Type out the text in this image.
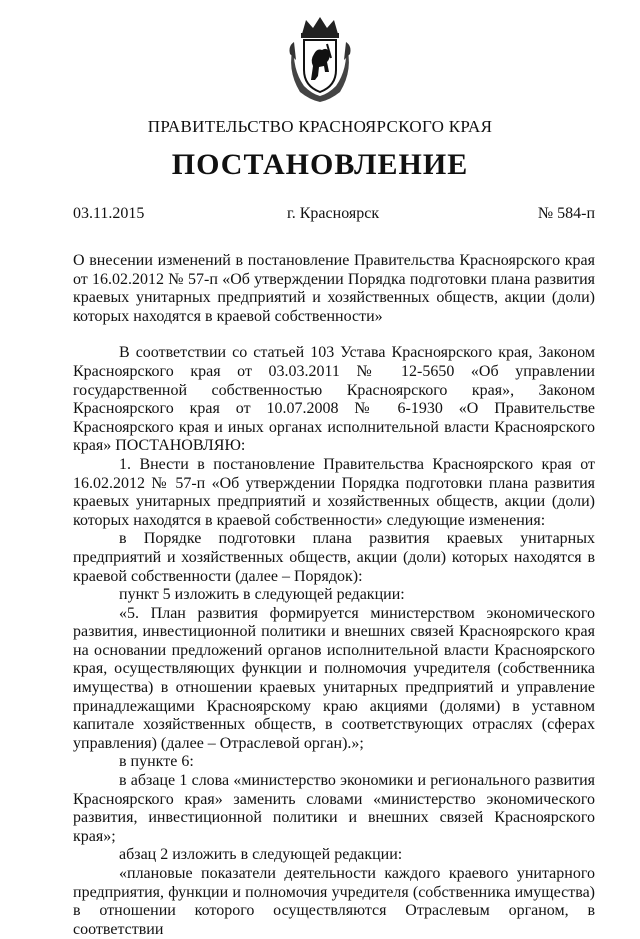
ПРАВИТЕЛЬСТВО КРАСНОЯРСКОГО КРАЯ
ПОСТАНОВЛЕНИЕ
03.11.2015	г. Красноярск	№ 584-п

О внесении изменений в постановление Правительства Красноярского края от 16.02.2012 № 57-п «Об утверждении Порядка подготовки плана развития краевых унитарных предприятий и хозяйственных обществ, акции (доли) которых находятся в краевой собственности»

В соответствии со статьей 103 Устава Красноярского края, Законом Красноярского края от 03.03.2011 № 12-5650 «Об управлении государственной собственностью Красноярского края», Законом Красноярского края от 10.07.2008 № 6-1930 «О Правительстве Красноярского края и иных органах исполнительной власти Красноярского края» ПОСТАНОВЛЯЮ:

1. Внести в постановление Правительства Красноярского края от 16.02.2012 № 57-п «Об утверждении Порядка подготовки плана развития краевых унитарных предприятий и хозяйственных обществ, акции (доли) которых находятся в краевой собственности» следующие изменения:

в Порядке подготовки плана развития краевых унитарных предприятий и хозяйственных обществ, акции (доли) которых находятся в краевой собственности (далее – Порядок):

пункт 5 изложить в следующей редакции:

«5. План развития формируется министерством экономического развития, инвестиционной политики и внешних связей Красноярского края на основании предложений органов исполнительной власти Красноярского края, осуществляющих функции и полномочия учредителя (собственника имущества) в отношении краевых унитарных предприятий и управление принадлежащими Красноярскому краю акциями (долями) в уставном капитале хозяйственных обществ, в соответствующих отраслях (сферах управления) (далее – Отраслевой орган).»;

в пункте 6:

в абзаце 1 слова «министерство экономики и регионального развития Красноярского края» заменить словами «министерство экономического развития, инвестиционной политики и внешних связей Красноярского края»;

абзац 2 изложить в следующей редакции:

«плановые показатели деятельности каждого краевого унитарного предприятия, функции и полномочия учредителя (собственника имущества) в отношении которого осуществляются Отраслевым органом, в соответствии
